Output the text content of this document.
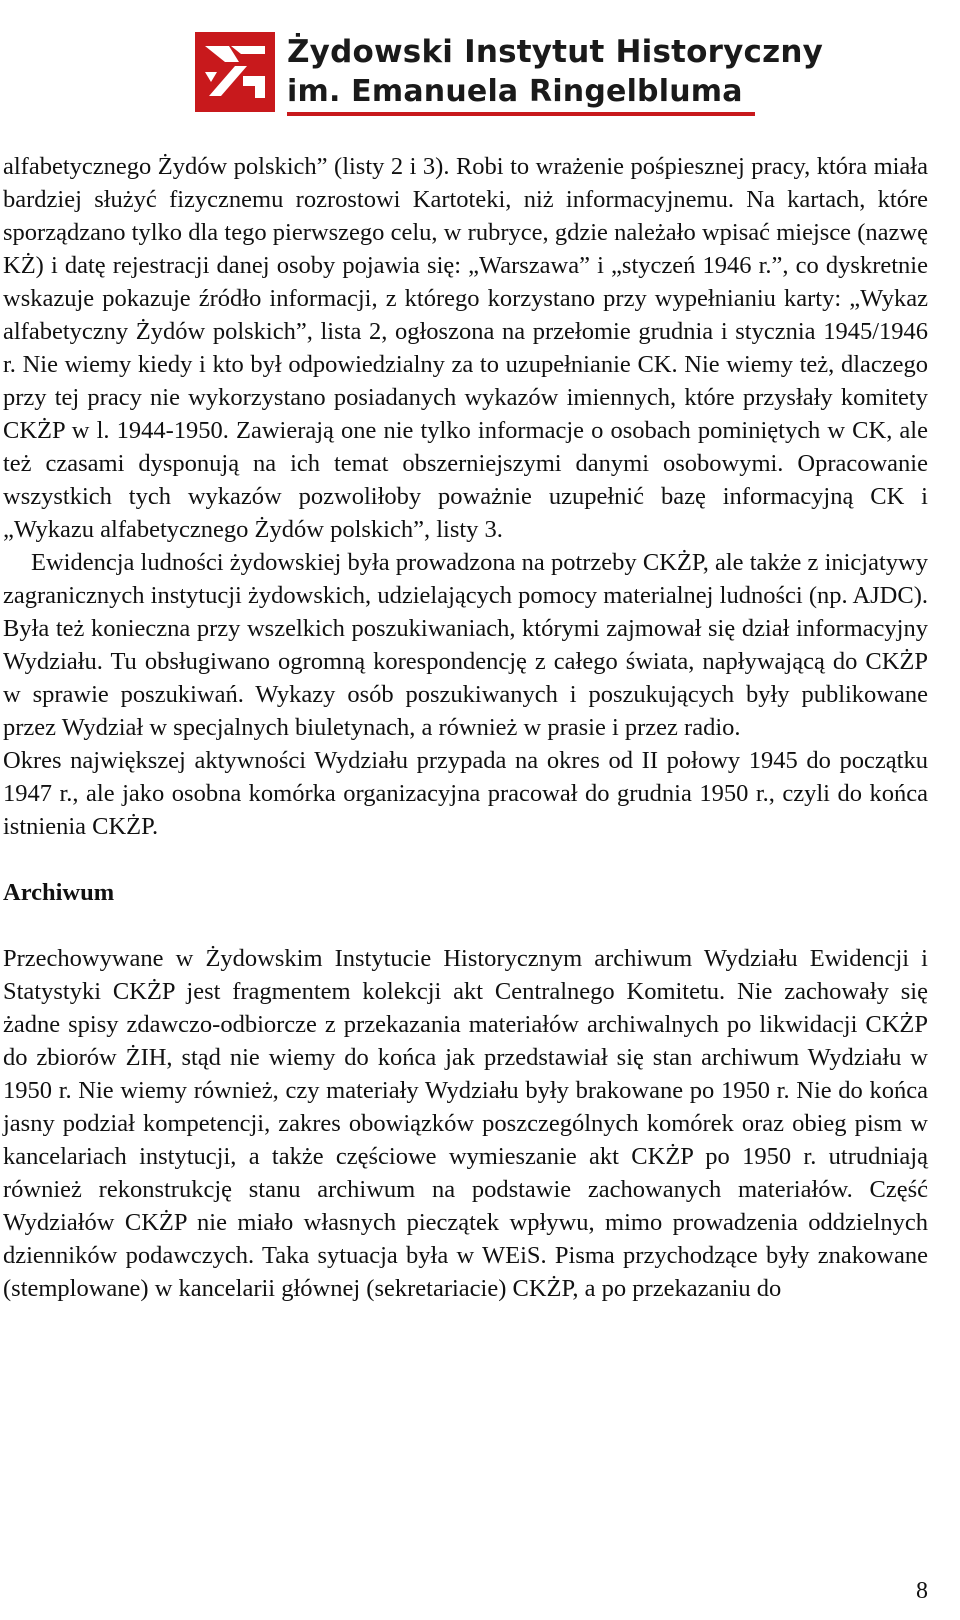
Żydowski Instytut Historyczny
im. Emanuela Ringelbluma

alfabetycznego Żydów polskich” (listy 2 i 3). Robi to wrażenie pośpiesznej pracy, która miała bardziej służyć fizycznemu rozrostowi Kartoteki, niż informacyjnemu. Na kartach, które sporządzano tylko dla tego pierwszego celu, w rubryce, gdzie należało wpisać miejsce (nazwę KŻ) i datę rejestracji danej osoby pojawia się: „Warszawa” i „styczeń 1946 r.”, co dyskretnie wskazuje pokazuje źródło informacji, z którego korzystano przy wypełnianiu karty: „Wykaz alfabetyczny Żydów polskich”, lista 2, ogłoszona na przełomie grudnia i stycznia 1945/1946 r. Nie wiemy kiedy i kto był odpowiedzialny za to uzupełnianie CK. Nie wiemy też, dlaczego przy tej pracy nie wykorzystano posiadanych wykazów imiennych, które przysłały komitety CKŻP w l. 1944-1950. Zawierają one nie tylko informacje o osobach pominiętych w CK, ale też czasami dysponują na ich temat obszerniejszymi danymi osobowymi. Opracowanie wszystkich tych wykazów pozwoliłoby poważnie uzupełnić bazę informacyjną CK i „Wykazu alfabetycznego Żydów polskich”, listy 3.

Ewidencja ludności żydowskiej była prowadzona na potrzeby CKŻP, ale także z inicjatywy zagranicznych instytucji żydowskich, udzielających pomocy materialnej ludności (np. AJDC). Była też konieczna przy wszelkich poszukiwaniach, którymi zajmował się dział informacyjny Wydziału. Tu obsługiwano ogromną korespondencję z całego świata, napływającą do CKŻP w sprawie poszukiwań. Wykazy osób poszukiwanych i poszukujących były publikowane przez Wydział w specjalnych biuletynach, a również w prasie i przez radio.

Okres największej aktywności Wydziału przypada na okres od II połowy 1945 do początku 1947 r., ale jako osobna komórka organizacyjna pracował do grudnia 1950 r., czyli do końca istnienia CKŻP.

Archiwum

Przechowywane w Żydowskim Instytucie Historycznym archiwum Wydziału Ewidencji i Statystyki CKŻP jest fragmentem kolekcji akt Centralnego Komitetu. Nie zachowały się żadne spisy zdawczo-odbiorcze z przekazania materiałów archiwalnych po likwidacji CKŻP do zbiorów ŻIH, stąd nie wiemy do końca jak przedstawiał się stan archiwum Wydziału w 1950 r. Nie wiemy również, czy materiały Wydziału były brakowane po 1950 r. Nie do końca jasny podział kompetencji, zakres obowiązków poszczególnych komórek oraz obieg pism w kancelariach instytucji, a także częściowe wymieszanie akt CKŻP po 1950 r. utrudniają również rekonstrukcję stanu archiwum na podstawie zachowanych materiałów. Część Wydziałów CKŻP nie miało własnych pieczątek wpływu, mimo prowadzenia oddzielnych dzienników podawczych. Taka sytuacja była w WEiS. Pisma przychodzące były znakowane (stemplowane) w kancelarii głównej (sekretariacie) CKŻP, a po przekazaniu do

8
